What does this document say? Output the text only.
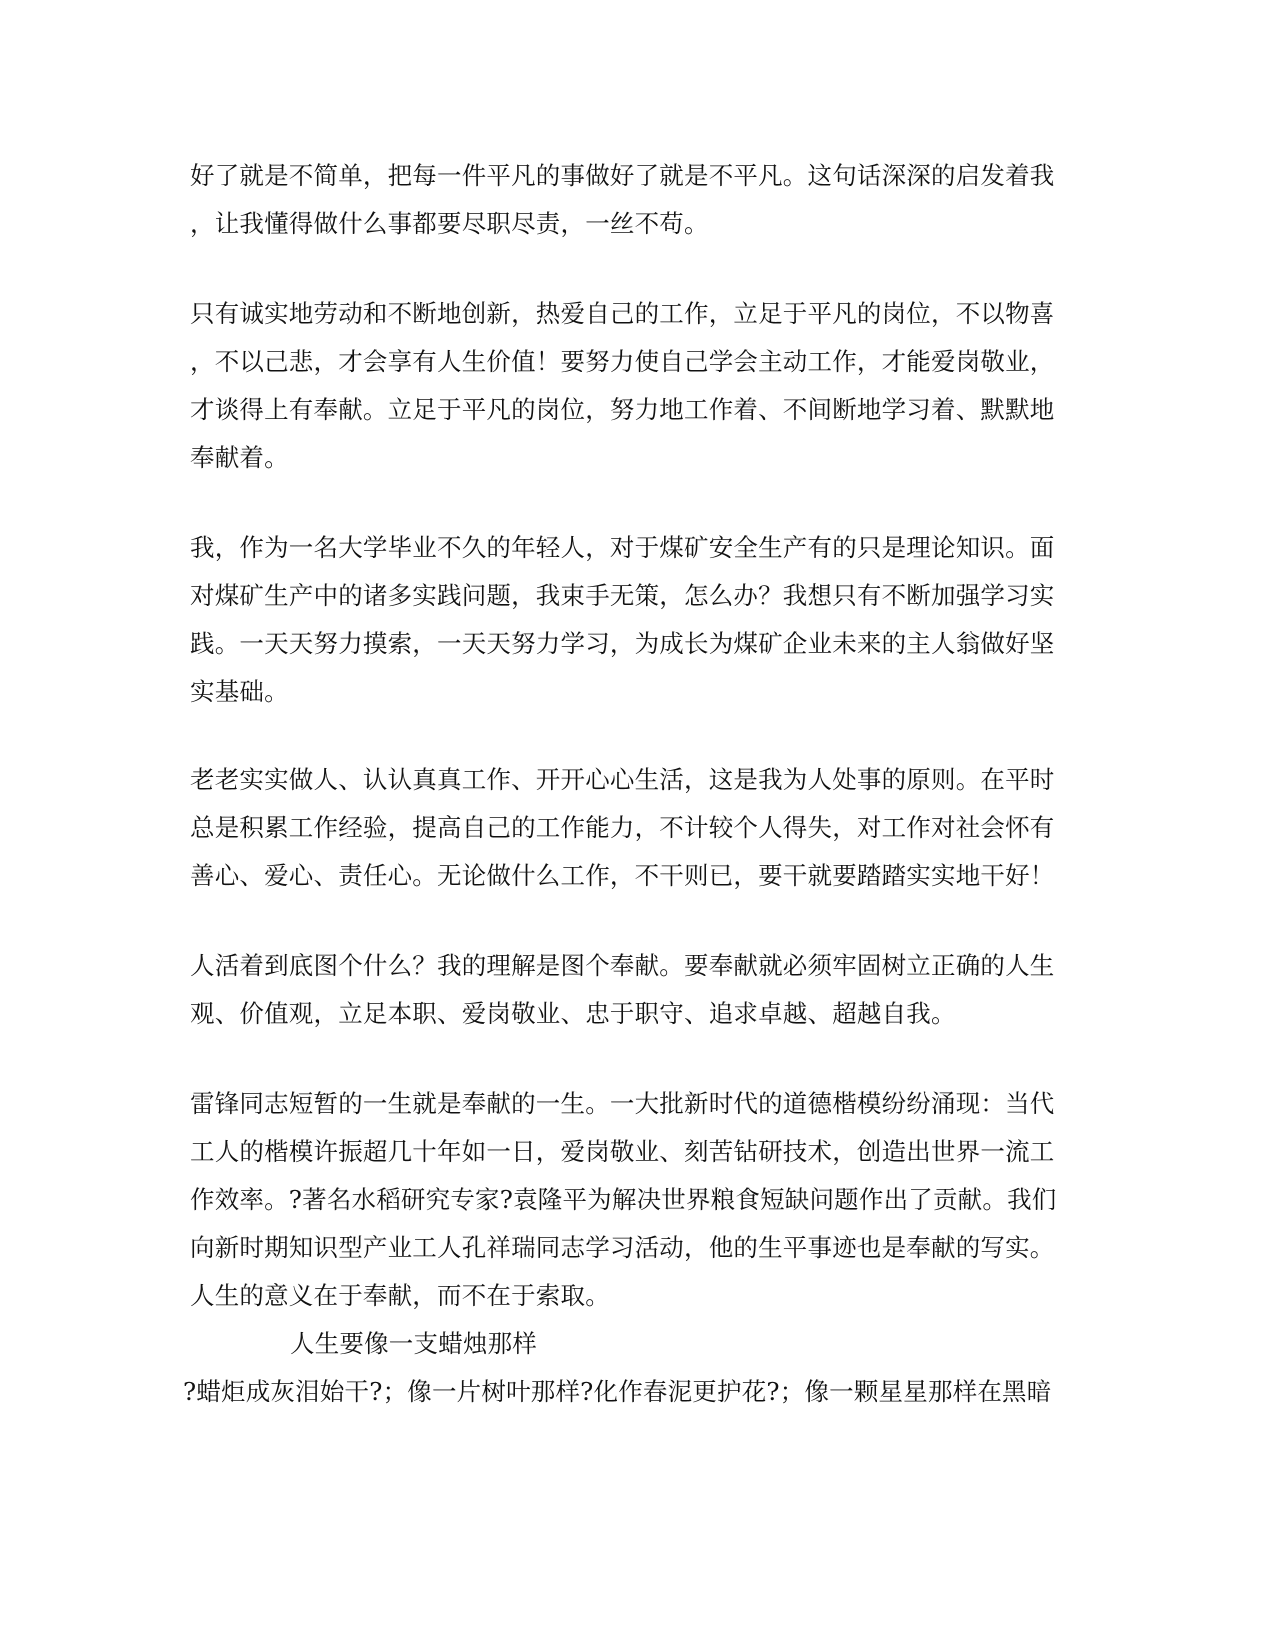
好了就是不简单，把每一件平凡的事做好了就是不平凡。这句话深深的启发着我
，让我懂得做什么事都要尽职尽责，一丝不苟。
只有诚实地劳动和不断地创新，热爱自己的工作，立足于平凡的岗位，不以物喜
，不以己悲，才会享有人生价值！要努力使自己学会主动工作，才能爱岗敬业，
才谈得上有奉献。立足于平凡的岗位，努力地工作着、不间断地学习着、默默地
奉献着。
我，作为一名大学毕业不久的年轻人，对于煤矿安全生产有的只是理论知识。面
对煤矿生产中的诸多实践问题，我束手无策，怎么办？我想只有不断加强学习实
践。一天天努力摸索，一天天努力学习，为成长为煤矿企业未来的主人翁做好坚
实基础。
老老实实做人、认认真真工作、开开心心生活，这是我为人处事的原则。在平时
总是积累工作经验，提高自己的工作能力，不计较个人得失，对工作对社会怀有
善心、爱心、责任心。无论做什么工作，不干则已，要干就要踏踏实实地干好！
人活着到底图个什么？我的理解是图个奉献。要奉献就必须牢固树立正确的人生
观、价值观，立足本职、爱岗敬业、忠于职守、追求卓越、超越自我。
雷锋同志短暂的一生就是奉献的一生。一大批新时代的道德楷模纷纷涌现：当代
工人的楷模许振超几十年如一日，爱岗敬业、刻苦钻研技术，创造出世界一流工
作效率。?著名水稻研究专家?袁隆平为解决世界粮食短缺问题作出了贡献。我们
向新时期知识型产业工人孔祥瑞同志学习活动，他的生平事迹也是奉献的写实。
人生的意义在于奉献，而不在于索取。
人生要像一支蜡烛那样
?蜡炬成灰泪始干?；像一片树叶那样?化作春泥更护花?；像一颗星星那样在黑暗
